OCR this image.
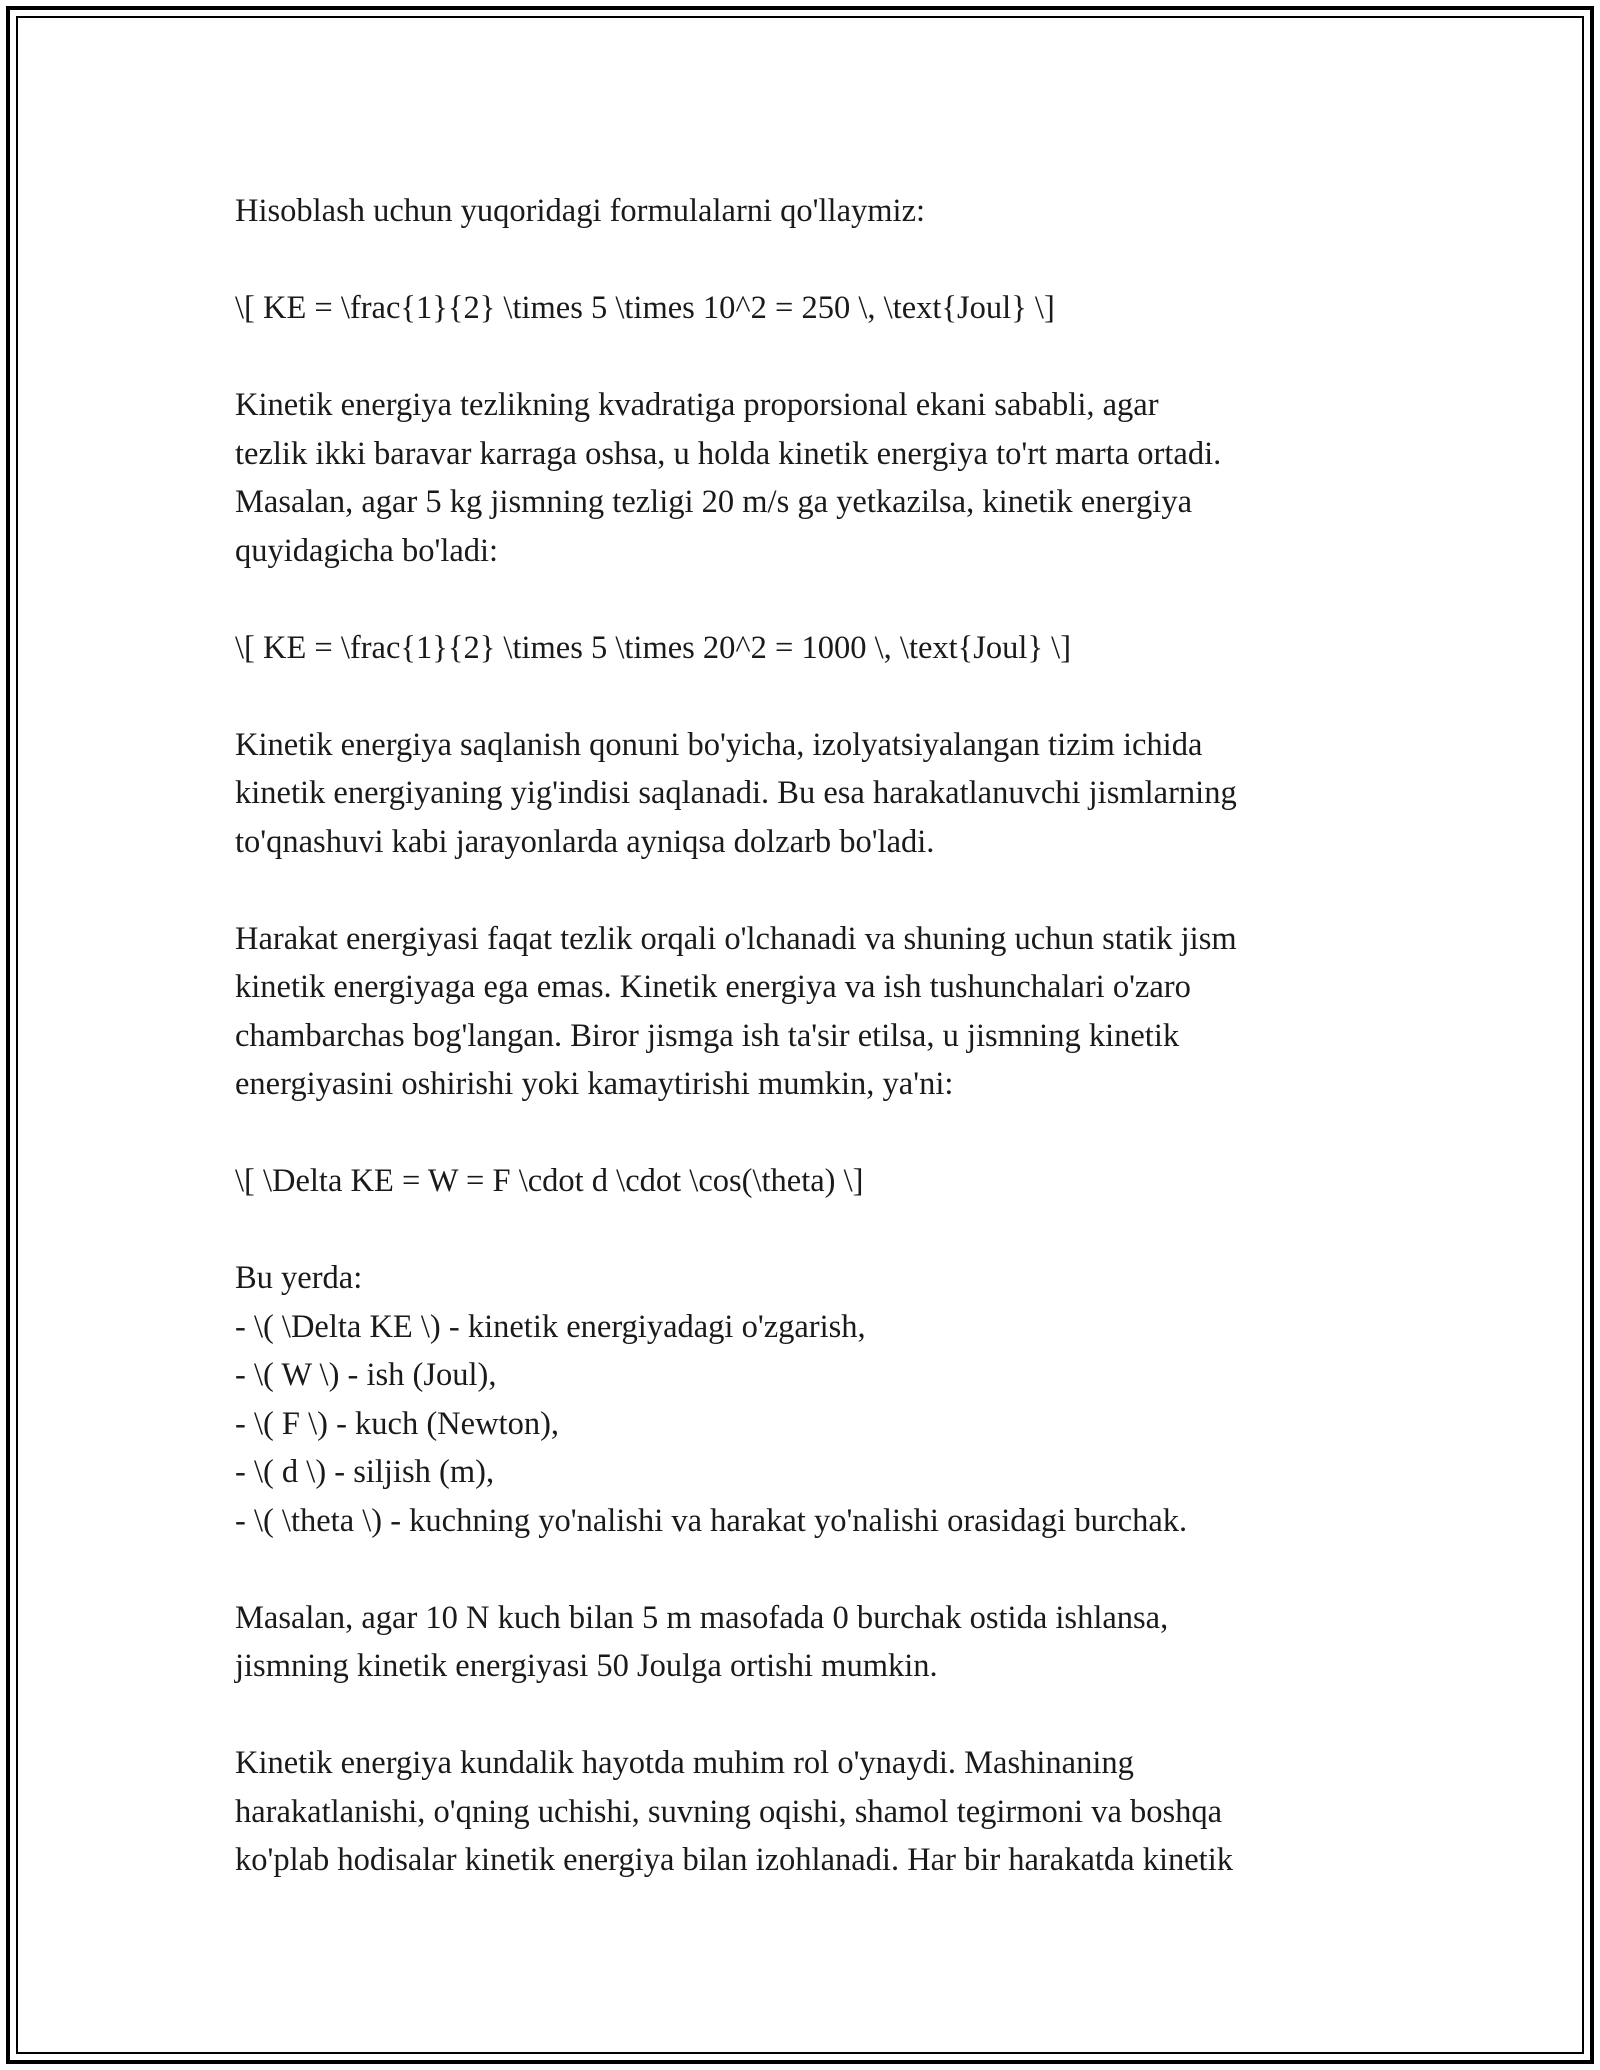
Hisoblash uchun yuqoridagi formulalarni qo'llaymiz:
\[ KE = \frac{1}{2} \times 5 \times 10^2 = 250 \, \text{Joul} \]
Kinetik energiya tezlikning kvadratiga proporsional ekani sababli, agar
tezlik ikki baravar karraga oshsa, u holda kinetik energiya to'rt marta ortadi.
Masalan, agar 5 kg jismning tezligi 20 m/s ga yetkazilsa, kinetik energiya
quyidagicha bo'ladi:
\[ KE = \frac{1}{2} \times 5 \times 20^2 = 1000 \, \text{Joul} \]
Kinetik energiya saqlanish qonuni bo'yicha, izolyatsiyalangan tizim ichida
kinetik energiyaning yig'indisi saqlanadi. Bu esa harakatlanuvchi jismlarning
to'qnashuvi kabi jarayonlarda ayniqsa dolzarb bo'ladi.
Harakat energiyasi faqat tezlik orqali o'lchanadi va shuning uchun statik jism
kinetik energiyaga ega emas. Kinetik energiya va ish tushunchalari o'zaro
chambarchas bog'langan. Biror jismga ish ta'sir etilsa, u jismning kinetik
energiyasini oshirishi yoki kamaytirishi mumkin, ya'ni:
\[ \Delta KE = W = F \cdot d \cdot \cos(\theta) \]
Bu yerda:
- \( \Delta KE \) - kinetik energiyadagi o'zgarish,
- \( W \) - ish (Joul),
- \( F \) - kuch (Newton),
- \( d \) - siljish (m),
- \( \theta \) - kuchning yo'nalishi va harakat yo'nalishi orasidagi burchak.
Masalan, agar 10 N kuch bilan 5 m masofada 0 burchak ostida ishlansa,
jismning kinetik energiyasi 50 Joulga ortishi mumkin.
Kinetik energiya kundalik hayotda muhim rol o'ynaydi. Mashinaning
harakatlanishi, o'qning uchishi, suvning oqishi, shamol tegirmoni va boshqa
ko'plab hodisalar kinetik energiya bilan izohlanadi. Har bir harakatda kinetik
